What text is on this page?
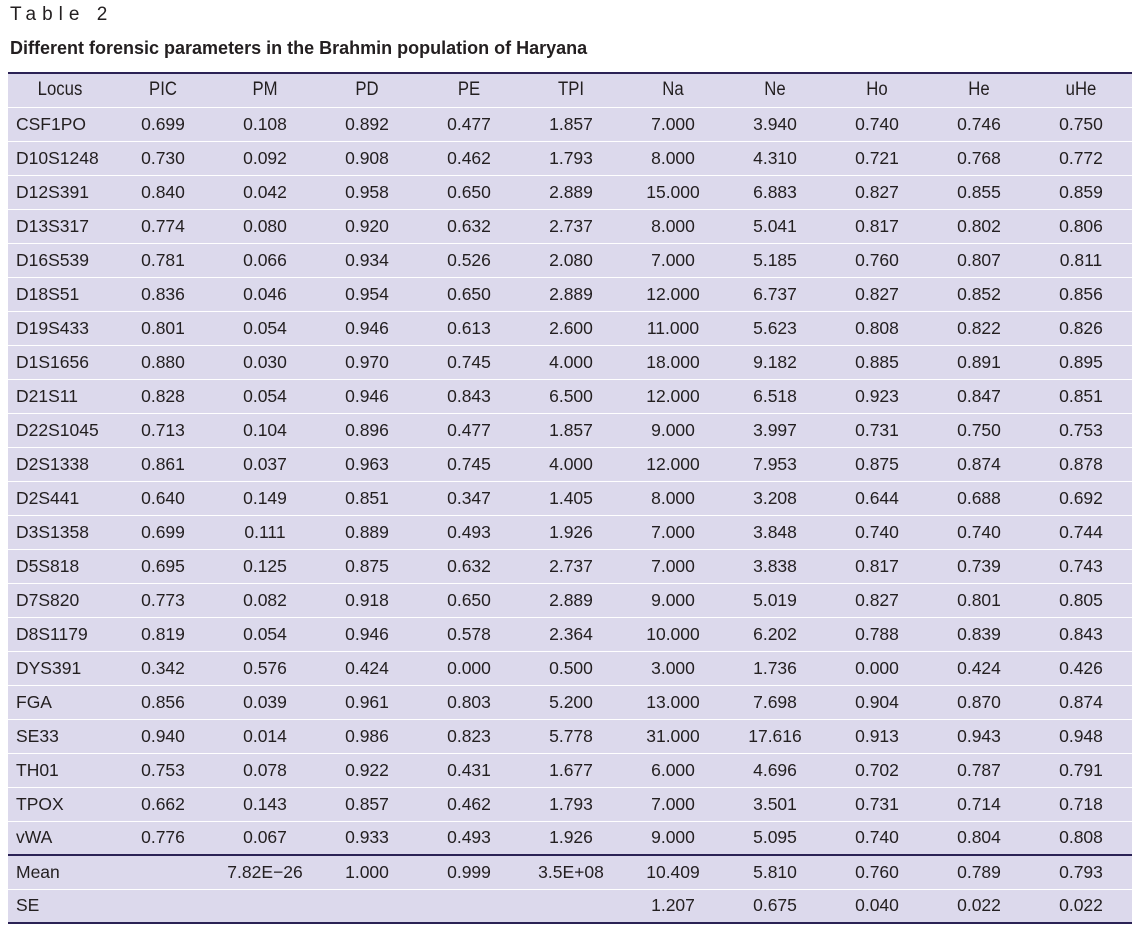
Table 2
Different forensic parameters in the Brahmin population of Haryana
Locus	PIC	PM	PD	PE	TPI	Na	Ne	Ho	He	uHe
CSF1PO	0.699	0.108	0.892	0.477	1.857	7.000	3.940	0.740	0.746	0.750
D10S1248	0.730	0.092	0.908	0.462	1.793	8.000	4.310	0.721	0.768	0.772
D12S391	0.840	0.042	0.958	0.650	2.889	15.000	6.883	0.827	0.855	0.859
D13S317	0.774	0.080	0.920	0.632	2.737	8.000	5.041	0.817	0.802	0.806
D16S539	0.781	0.066	0.934	0.526	2.080	7.000	5.185	0.760	0.807	0.811
D18S51	0.836	0.046	0.954	0.650	2.889	12.000	6.737	0.827	0.852	0.856
D19S433	0.801	0.054	0.946	0.613	2.600	11.000	5.623	0.808	0.822	0.826
D1S1656	0.880	0.030	0.970	0.745	4.000	18.000	9.182	0.885	0.891	0.895
D21S11	0.828	0.054	0.946	0.843	6.500	12.000	6.518	0.923	0.847	0.851
D22S1045	0.713	0.104	0.896	0.477	1.857	9.000	3.997	0.731	0.750	0.753
D2S1338	0.861	0.037	0.963	0.745	4.000	12.000	7.953	0.875	0.874	0.878
D2S441	0.640	0.149	0.851	0.347	1.405	8.000	3.208	0.644	0.688	0.692
D3S1358	0.699	0.111	0.889	0.493	1.926	7.000	3.848	0.740	0.740	0.744
D5S818	0.695	0.125	0.875	0.632	2.737	7.000	3.838	0.817	0.739	0.743
D7S820	0.773	0.082	0.918	0.650	2.889	9.000	5.019	0.827	0.801	0.805
D8S1179	0.819	0.054	0.946	0.578	2.364	10.000	6.202	0.788	0.839	0.843
DYS391	0.342	0.576	0.424	0.000	0.500	3.000	1.736	0.000	0.424	0.426
FGA	0.856	0.039	0.961	0.803	5.200	13.000	7.698	0.904	0.870	0.874
SE33	0.940	0.014	0.986	0.823	5.778	31.000	17.616	0.913	0.943	0.948
TH01	0.753	0.078	0.922	0.431	1.677	6.000	4.696	0.702	0.787	0.791
TPOX	0.662	0.143	0.857	0.462	1.793	7.000	3.501	0.731	0.714	0.718
vWA	0.776	0.067	0.933	0.493	1.926	9.000	5.095	0.740	0.804	0.808
Mean		7.82E−26	1.000	0.999	3.5E+08	10.409	5.810	0.760	0.789	0.793
SE						1.207	0.675	0.040	0.022	0.022
